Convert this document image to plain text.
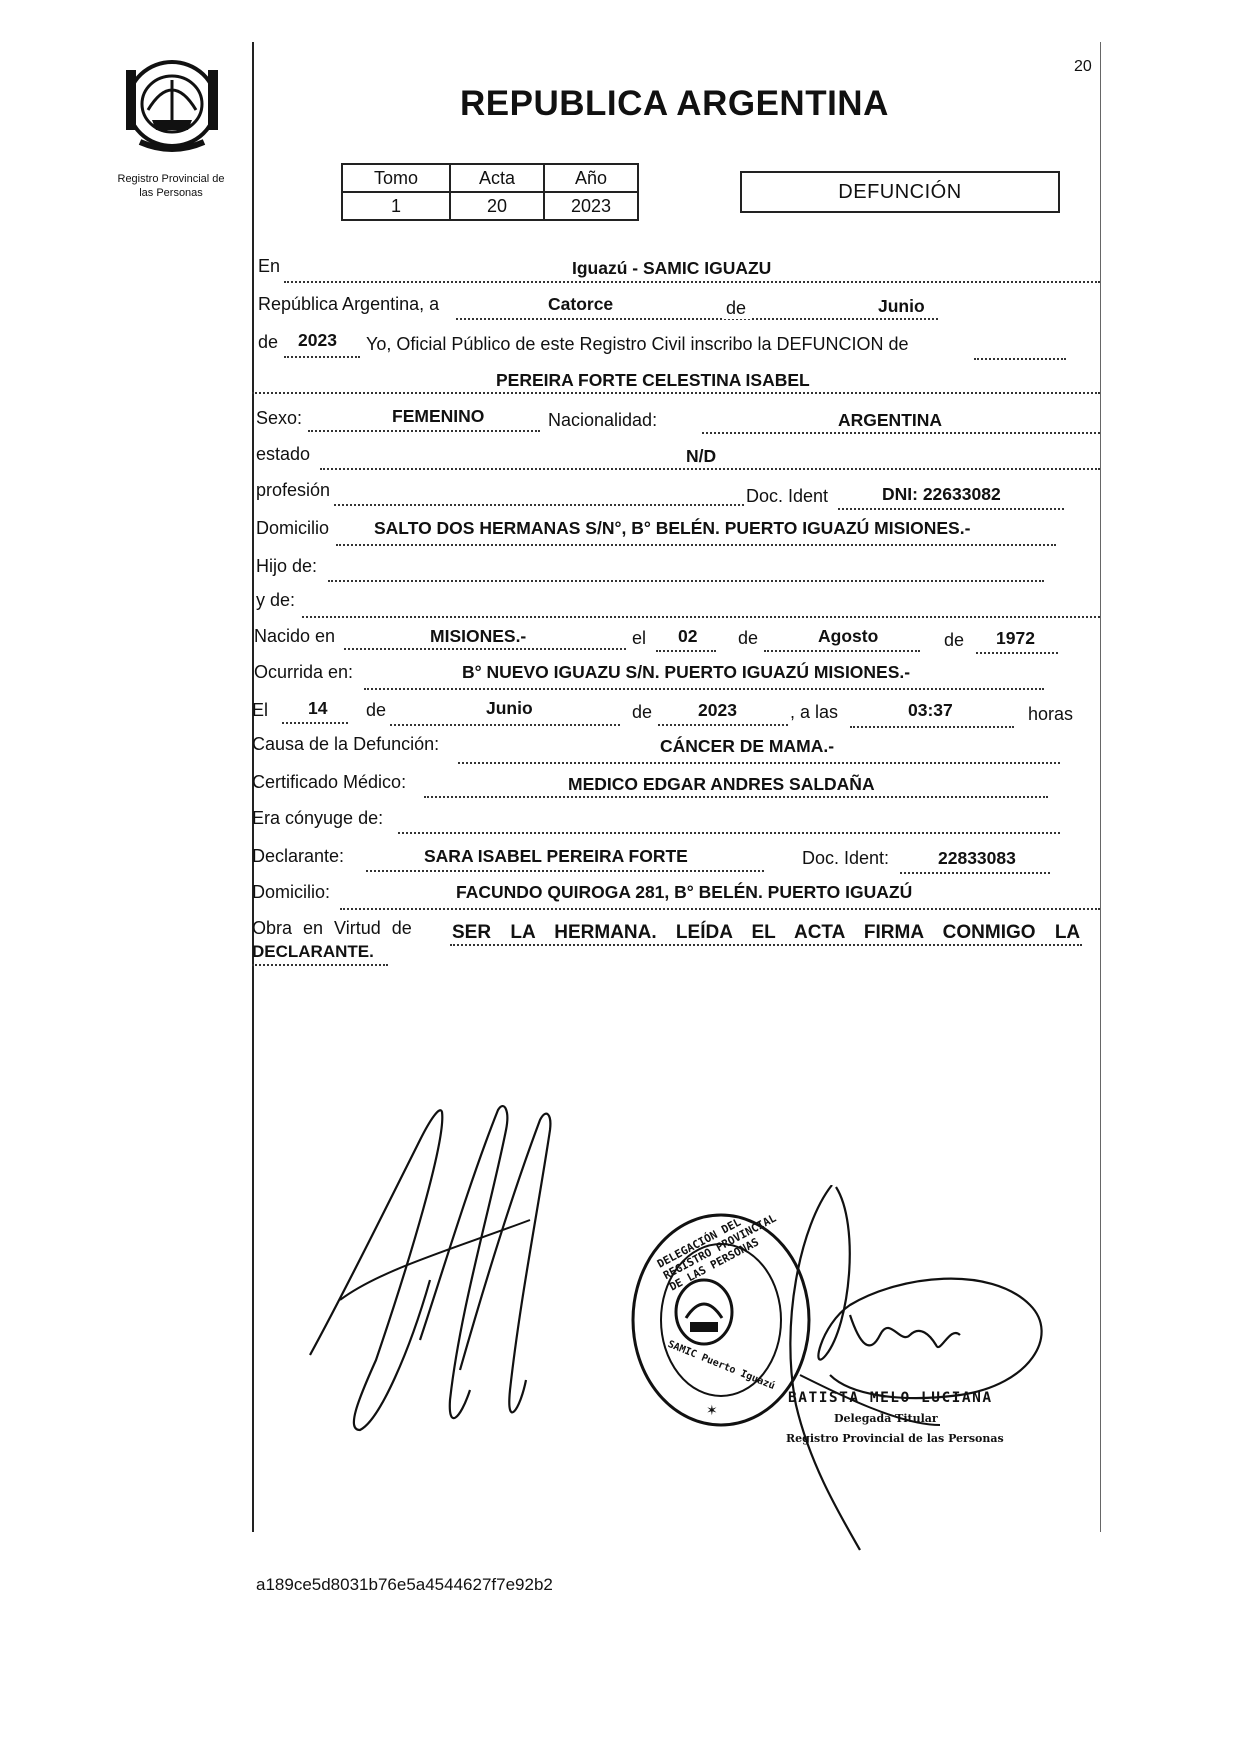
Registro Provincial de
las Personas
20
REPUBLICA ARGENTINA
Tomo	Acta	Año
1	20	2023
DEFUNCIÓN
En	Iguazú - SAMIC IGUAZU
República Argentina, a	Catorce	de	Junio
de 2023 Yo, Oficial Público de este Registro Civil inscribo la DEFUNCION de
PEREIRA FORTE CELESTINA ISABEL
Sexo:	FEMENINO	Nacionalidad:	ARGENTINA
estado	N/D
profesión	Doc. Ident	DNI: 22633082
Domicilio	SALTO DOS HERMANAS S/N°, B° BELÉN. PUERTO IGUAZÚ MISIONES.-
Hijo de:
y de:
Nacido en	MISIONES.-	el 02 de	Agosto	de 1972
Ocurrida en:	B° NUEVO IGUAZU S/N. PUERTO IGUAZÚ MISIONES.-
El 14 de	Junio	de	2023	, a las	03:37	horas
Causa de la Defunción:	CÁNCER DE MAMA.-
Certificado Médico:	MEDICO EDGAR ANDRES SALDAÑA
Era cónyuge de:
Declarante:	SARA ISABEL PEREIRA FORTE	Doc. Ident:	22833083
Domicilio:	FACUNDO QUIROGA 281, B° BELÉN. PUERTO IGUAZÚ
Obra en Virtud de SER LA HERMANA. LEÍDA EL ACTA FIRMA CONMIGO LA
DECLARANTE.
✶
DELEGACIÓN DEL REGISTRO PROVINCIAL DE LAS PERSONAS
SAMIC Puerto Iguazú
BATISTA MELO LUCIANA
Delegada Titular
Registro Provincial de las Personas
a189ce5d8031b76e5a4544627f7e92b2
